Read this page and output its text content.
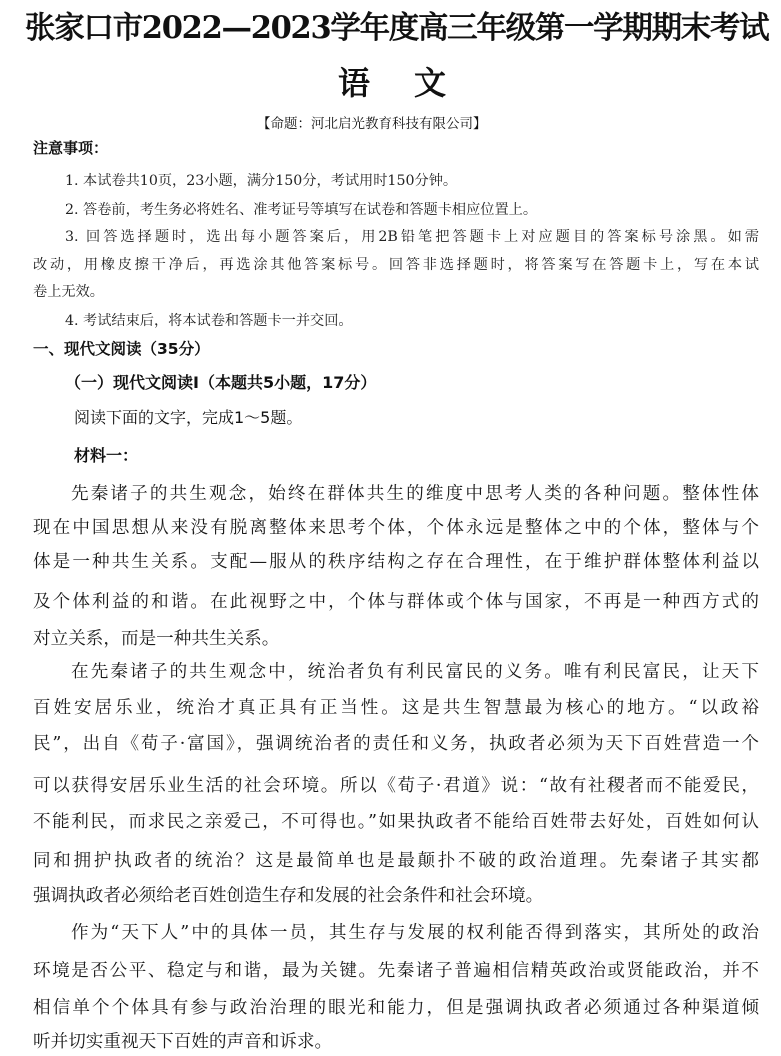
张家口市2022—2023学年度高三年级第一学期期末考试
语文
【命题：河北启光教育科技有限公司】
注意事项：
1. 本试卷共10页，23小题，满分150分，考试用时150分钟。
2. 答卷前，考生务必将姓名、准考证号等填写在试卷和答题卡相应位置上。
3. 回答选择题时，选出每小题答案后，用2B铅笔把答题卡上对应题目的答案标号涂黑。如需
改动，用橡皮擦干净后，再选涂其他答案标号。回答非选择题时，将答案写在答题卡上，写在本试
卷上无效。
4. 考试结束后，将本试卷和答题卡一并交回。
一、现代文阅读（35分）
（一）现代文阅读Ⅰ（本题共5小题，17分）
阅读下面的文字，完成1～5题。
材料一：
先秦诸子的共生观念，始终在群体共生的维度中思考人类的各种问题。整体性体
现在中国思想从来没有脱离整体来思考个体，个体永远是整体之中的个体，整体与个
体是一种共生关系。支配—服从的秩序结构之存在合理性，在于维护群体整体利益以
及个体利益的和谐。在此视野之中，个体与群体或个体与国家，不再是一种西方式的
对立关系，而是一种共生关系。
在先秦诸子的共生观念中，统治者负有利民富民的义务。唯有利民富民，让天下
百姓安居乐业，统治才真正具有正当性。这是共生智慧最为核心的地方。“以政裕
民”，出自《荀子·富国》，强调统治者的责任和义务，执政者必须为天下百姓营造一个
可以获得安居乐业生活的社会环境。所以《荀子·君道》说：“故有社稷者而不能爱民，
不能利民，而求民之亲爱己，不可得也。”如果执政者不能给百姓带去好处，百姓如何认
同和拥护执政者的统治？这是最简单也是最颠扑不破的政治道理。先秦诸子其实都
强调执政者必须给老百姓创造生存和发展的社会条件和社会环境。
作为“天下人”中的具体一员，其生存与发展的权利能否得到落实，其所处的政治
环境是否公平、稳定与和谐，最为关键。先秦诸子普遍相信精英政治或贤能政治，并不
相信单个个体具有参与政治治理的眼光和能力，但是强调执政者必须通过各种渠道倾
听并切实重视天下百姓的声音和诉求。
